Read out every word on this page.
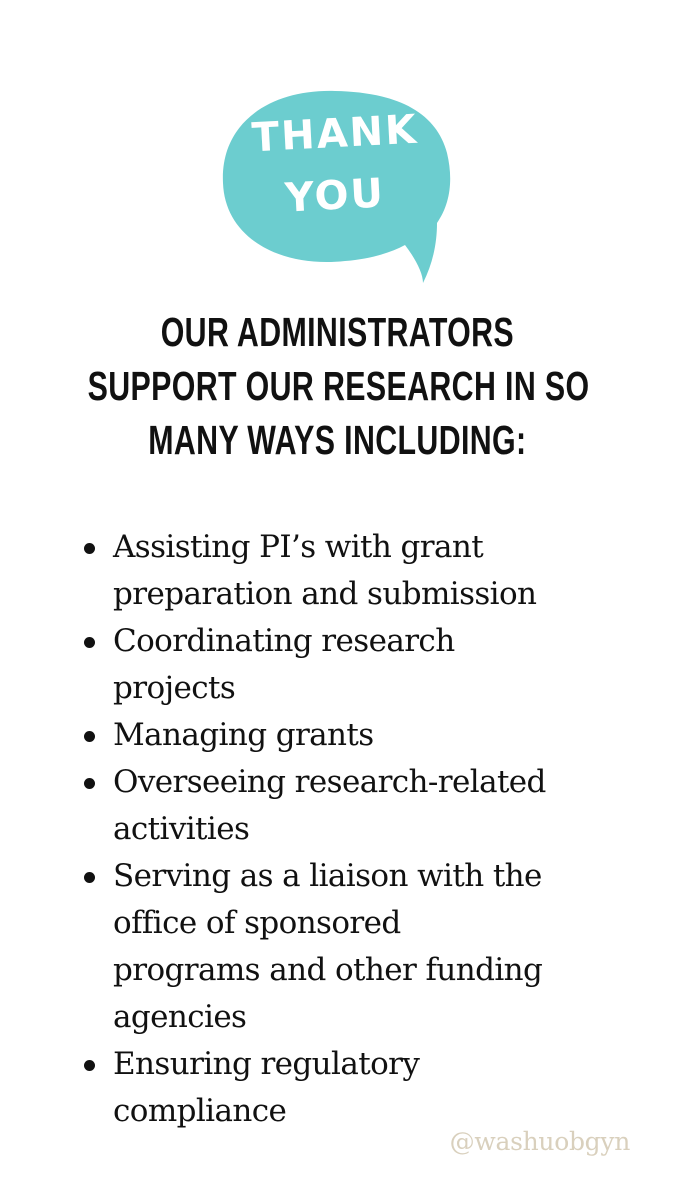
THANK
YOU
OUR ADMINISTRATORS
SUPPORT OUR RESEARCH IN SO
MANY WAYS INCLUDING:
Assisting PI’s with grant
preparation and submission
Coordinating research
projects
Managing grants
Overseeing research-related
activities
Serving as a liaison with the
office of sponsored
programs and other funding
agencies
Ensuring regulatory
compliance
@washuobgyn
